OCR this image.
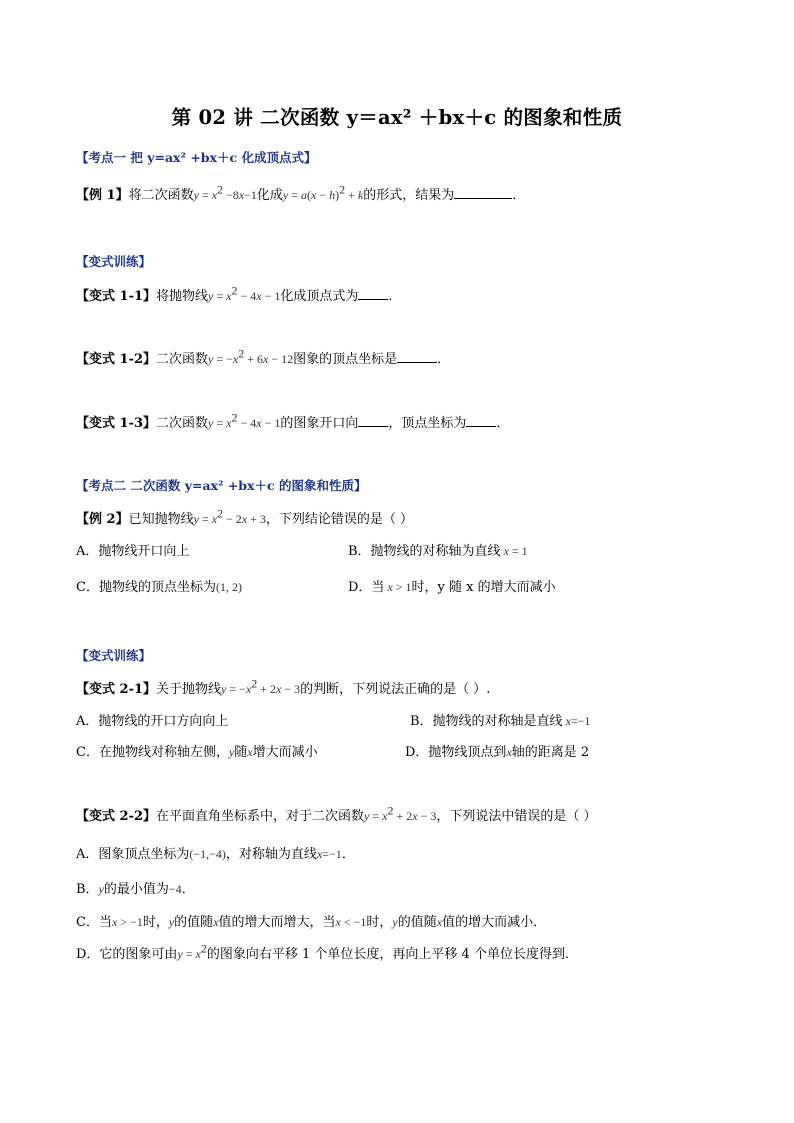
第 02 讲 二次函数 y＝ax² ＋bx＋c 的图象和性质
【考点一 把 y=ax² +bx＋c 化成顶点式】
【例 1】将二次函数$y = x^2 -8x-1$化成$y = a(x - h)^2 + k$的形式，结果为	．
【变式训练】
【变式 1-1】将抛物线$y = x^2 - 4x - 1$化成顶点式为 ．
【变式 1-2】二次函数$y = -x^2 + 6x - 12$图象的顶点坐标是	．
【变式 1-3】二次函数$y = x^2 - 4x - 1$的图象开口向 ，顶点坐标为 ．
【考点二 二次函数 y=ax² +bx＋c 的图象和性质】
【例 2】已知抛物线$y = x^2 - 2x + 3$，下列结论错误的是（ ）
A．抛物线开口向上	B．抛物线的对称轴为直线 x = 1
C．抛物线的顶点坐标为(1, 2)	D．当 x > 1时，y 随 x 的增大而减小
【变式训练】
【变式 2-1】关于抛物线$y = -x^2 + 2x - 3$的判断，下列说法正确的是（ ）.
A．抛物线的开口方向向上	B．抛物线的对称轴是直线 x=−1
C．在抛物线对称轴左侧，y随x增大而减小	D．抛物线顶点到x轴的距离是 2
【变式 2-2】在平面直角坐标系中，对于二次函数$y = x^2 + 2x - 3$，下列说法中错误的是（ ）
A．图象顶点坐标为(−1,−4)，对称轴为直线x=−1．
B．y的最小值为−4．
C．当x > −1时，y的值随x值的增大而增大，当x < −1时，y的值随x值的增大而减小．
D．它的图象可由$y = x^2$的图象向右平移 1 个单位长度，再向上平移 4 个单位长度得到．
